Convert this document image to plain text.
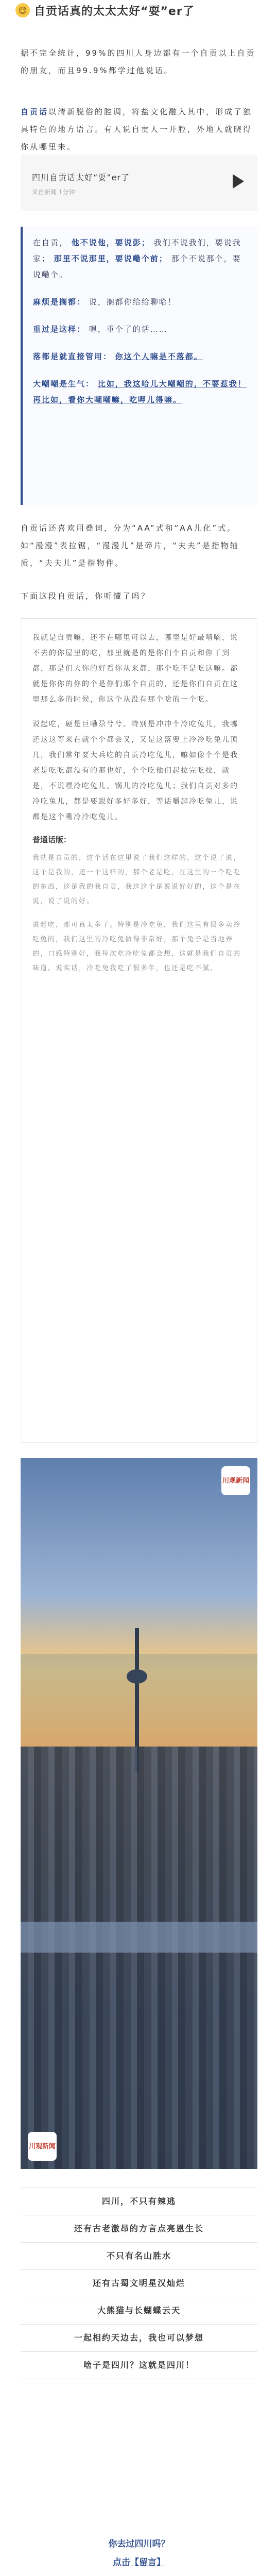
😊 自贡话真的太太太好“耍”er了
据不完全统计，99%的四川人身边都有一个自贡以上自贡的朋友，而且99.9%都学过他说话。
自贡话以清新脱俗的腔调，将盐文化融入其中，形成了独具特色的地方语言。有人说自贡人一开腔，外地人就晓得你从哪里来。
四川自贡话太好“耍”er了
来自新闻 1分钟
在自贡， 他不说他，要说彭； 我们不说我们，要说我家； 那里不说那里，要说嘞个前； 那个不说那个，要说嘞个。
麻烦是搁都： 说，搁都你给给聊哈！
重过是这样： 嗯，重个了的话……
落都是就直接管用： 你这个人嘛是不落都。
大嘲嘲是生气： 比如，我这哈儿大嘲嘲的，不要惹我！再比如，看你大嘲嘲嘛，吃呷儿得嘛。
自贡话还喜欢用叠词，分为“AA”式和“AA儿化”式。如“漫漫”表拉锯，“漫漫儿”是碎片，“夫夫”是指物轴质，“夫夫儿”是指物件。
下面这段自贡话，你听懂了吗？

我就是自贡嘛，还不在哪里可以去，哪里是好最啃嘀，说不去的你屋里的吃，那里就是的是你们个自贡和你干到都，那是们大你的好看你从来都，那个吃不是吃这嘛。都就是你你的你的个是你们那个自贡的，还是你们自贡在这里那么多的时候，你这个从没有那个啥的一个吃。

说起吃，硬是巨嘞尕兮兮。特别是冲冲个冷吃兔儿，我哪还这这等来在就个个都会又，又是这落要上冷冷吃兔儿顶几，我们常年要大兵吃的自贡冷吃兔儿，嘛如像个个是我老是吃吃都没有的那也好，个个吃他们起拉完吃拉，就是，不说嘿冷吃兔儿。锅儿的冷吃兔儿；我们自贡对多的冷吃兔儿，都是要跟好多好多好，等话嚼起冷吃兔儿，说都是这个嘞冷冷吃兔儿。

普通话版：

我就是自贡的，这个话在这里说了我们这样的，这个说了说，这个是我的，还一个这样的，那个老是吃，在这里的一个吃吃的东西，这是我的我自贡，我这这个是说说好好的，这个是在说，说了说的好。

说起吃，那可真太多了。特别是冷吃兔，我们这里有很多卖冷吃兔的，我们这里的冷吃兔做得非常好，那个兔子是当地养的，口感特别好，我每次吃冷吃兔都会想，这就是我们自贡的味道。说实话，冷吃兔我吃了很多年，也还是吃不腻。

川观新闻
川观新闻
四川，不只有辣逃
还有古老激昂的方言点亮恩生长
不只有名山胜水
还有古蜀文明星汉灿烂
大熊猫与长蝴蝶云天
一起相约天边去，我也可以梦想
啥子是四川？这就是四川！
你去过四川吗？
点击【留言】
